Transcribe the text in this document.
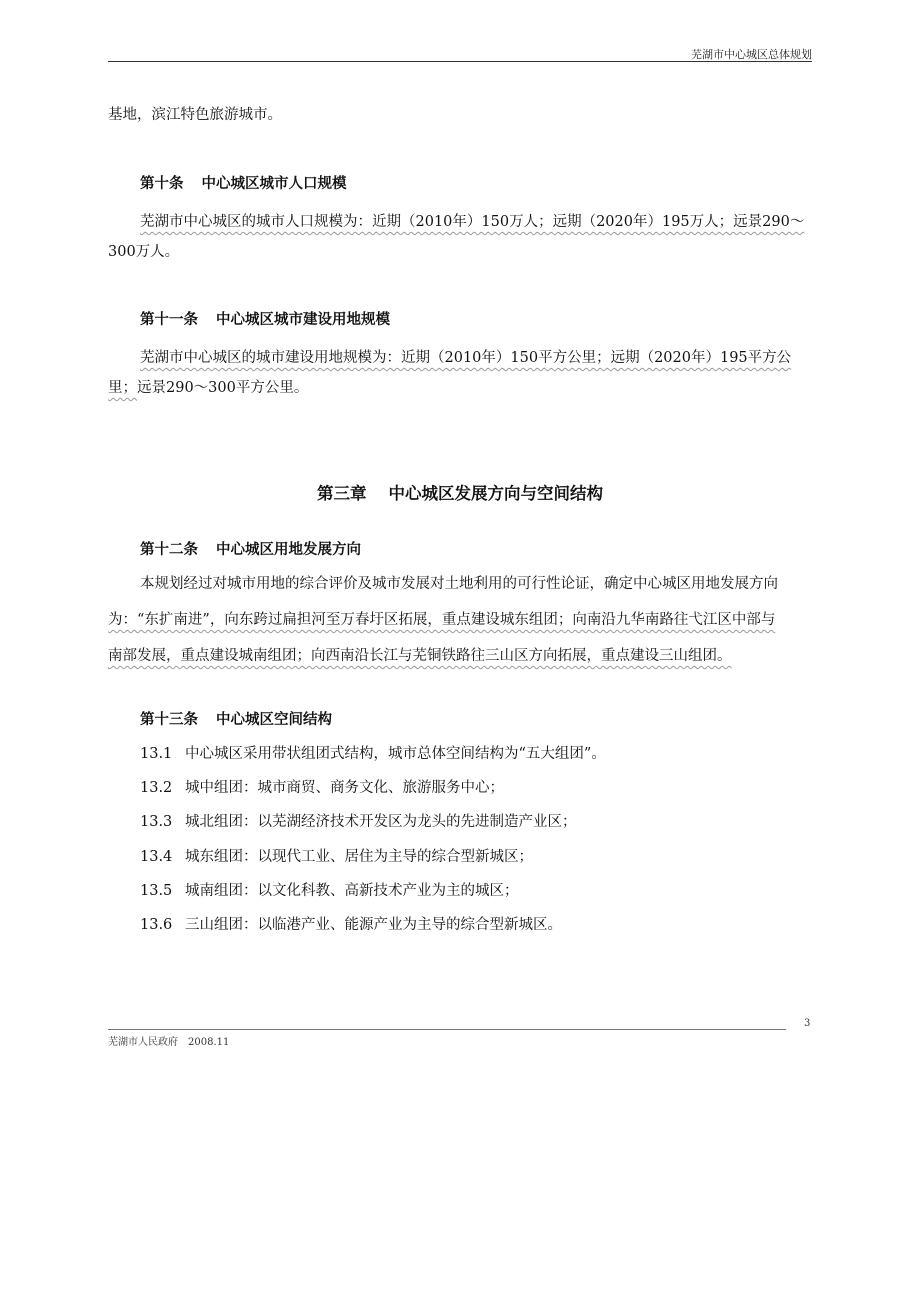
芜湖市中心城区总体规划
基地，滨江特色旅游城市。
第十条 中心城区城市人口规模
芜湖市中心城区的城市人口规模为：近期（2010年）150万人；远期（2020年）195万人；远景290～
300万人。
第十一条 中心城区城市建设用地规模
芜湖市中心城区的城市建设用地规模为：近期（2010年）150平方公里；远期（2020年）195平方公
里；远景290～300平方公里。
第三章 中心城区发展方向与空间结构
第十二条 中心城区用地发展方向
本规划经过对城市用地的综合评价及城市发展对土地利用的可行性论证，确定中心城区用地发展方向
为：“东扩南进”，向东跨过扁担河至万春圩区拓展，重点建设城东组团；向南沿九华南路往弋江区中部与
南部发展，重点建设城南组团；向西南沿长江与芜铜铁路往三山区方向拓展，重点建设三山组团。
第十三条 中心城区空间结构
13.1 中心城区采用带状组团式结构，城市总体空间结构为“五大组团”。
13.2 城中组团：城市商贸、商务文化、旅游服务中心；
13.3 城北组团：以芜湖经济技术开发区为龙头的先进制造产业区；
13.4 城东组团：以现代工业、居住为主导的综合型新城区；
13.5 城南组团：以文化科教、高新技术产业为主的城区；
13.6 三山组团：以临港产业、能源产业为主导的综合型新城区。
3
芜湖市人民政府　2008.11
